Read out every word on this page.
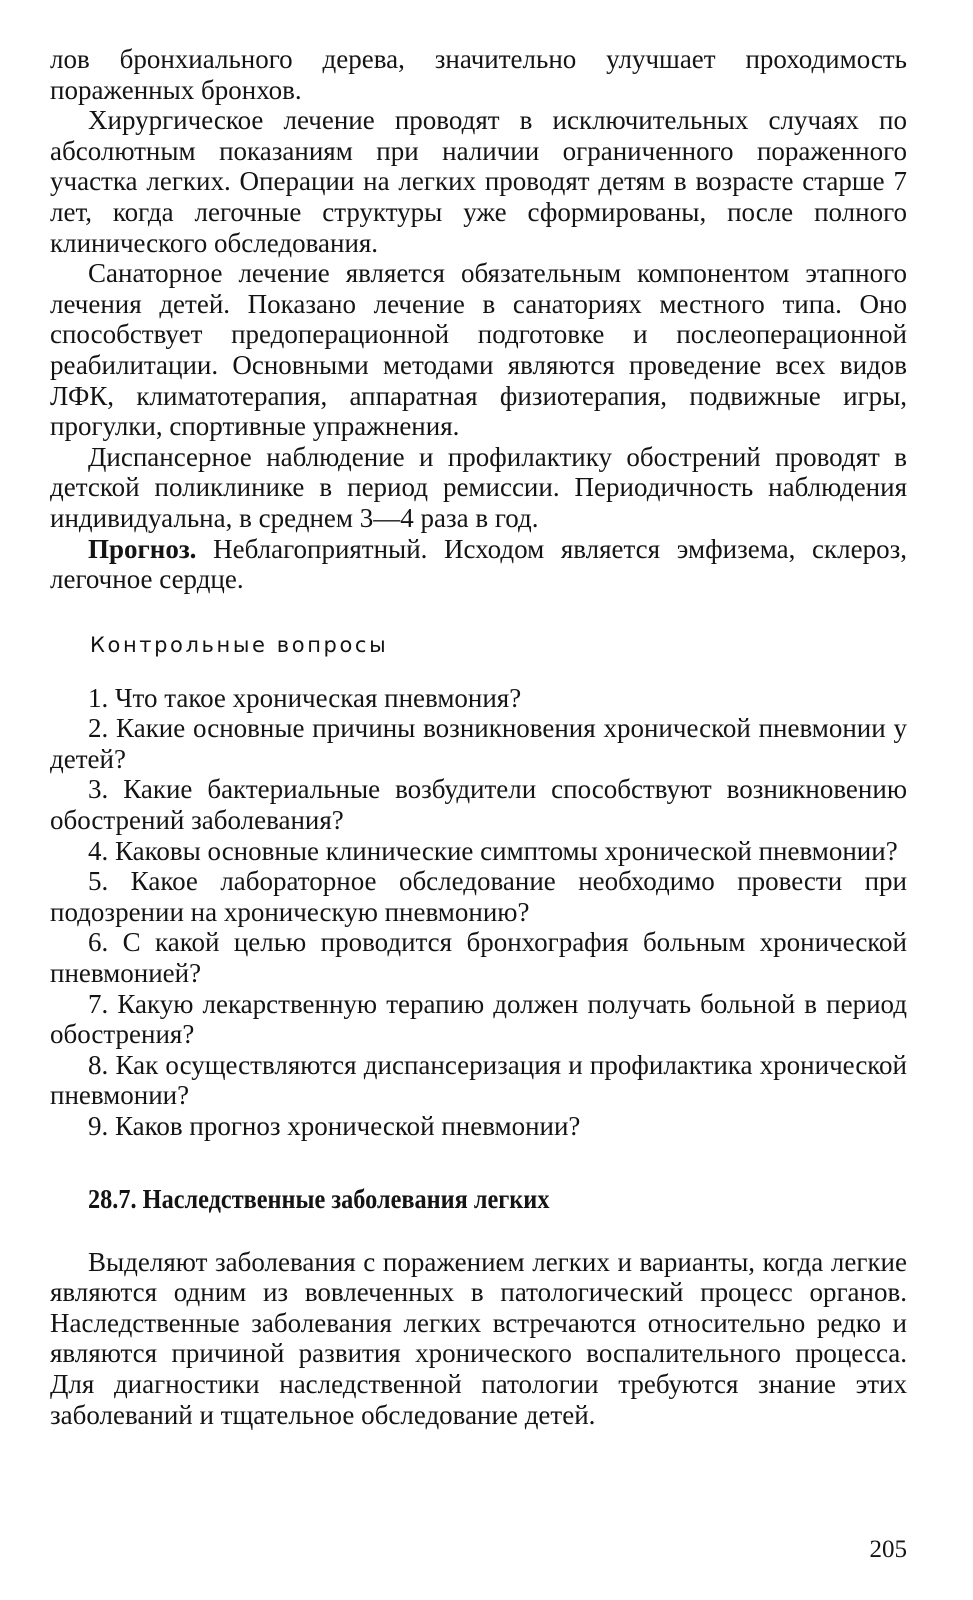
лов бронхиального дерева, значительно улучшает проходимость пораженных бронхов.

Хирургическое лечение проводят в исключительных случаях по абсолютным показаниям при наличии ограниченного пораженного участка легких. Операции на легких проводят детям в возрасте старше 7 лет, когда легочные структуры уже сформированы, после полного клинического обследования.

Санаторное лечение является обязательным компонентом этапного лечения детей. Показано лечение в санаториях местного типа. Оно способствует предоперационной подготовке и послеоперационной реабилитации. Основными методами являются проведение всех видов ЛФК, климатотерапия, аппаратная физиотерапия, подвижные игры, прогулки, спортивные упражнения.

Диспансерное наблюдение и профилактику обострений проводят в детской поликлинике в период ремиссии. Периодичность наблюдения индивидуальна, в среднем 3—4 раза в год.

Прогноз. Неблагоприятный. Исходом является эмфизема, склероз, легочное сердце.

Контрольные вопросы

1. Что такое хроническая пневмония?

2. Какие основные причины возникновения хронической пневмонии у детей?

3. Какие бактериальные возбудители способствуют возникновению обострений заболевания?

4. Каковы основные клинические симптомы хронической пневмонии?

5. Какое лабораторное обследование необходимо провести при подозрении на хроническую пневмонию?

6. С какой целью проводится бронхография больным хронической пневмонией?

7. Какую лекарственную терапию должен получать больной в период обострения?

8. Как осуществляются диспансеризация и профилактика хронической пневмонии?

9. Каков прогноз хронической пневмонии?

28.7. Наследственные заболевания легких

Выделяют заболевания с поражением легких и варианты, когда легкие являются одним из вовлеченных в патологический процесс органов. Наследственные заболевания легких встречаются относительно редко и являются причиной развития хронического воспалительного процесса. Для диагностики наследственной патологии требуются знание этих заболеваний и тщательное обследование детей.

205
